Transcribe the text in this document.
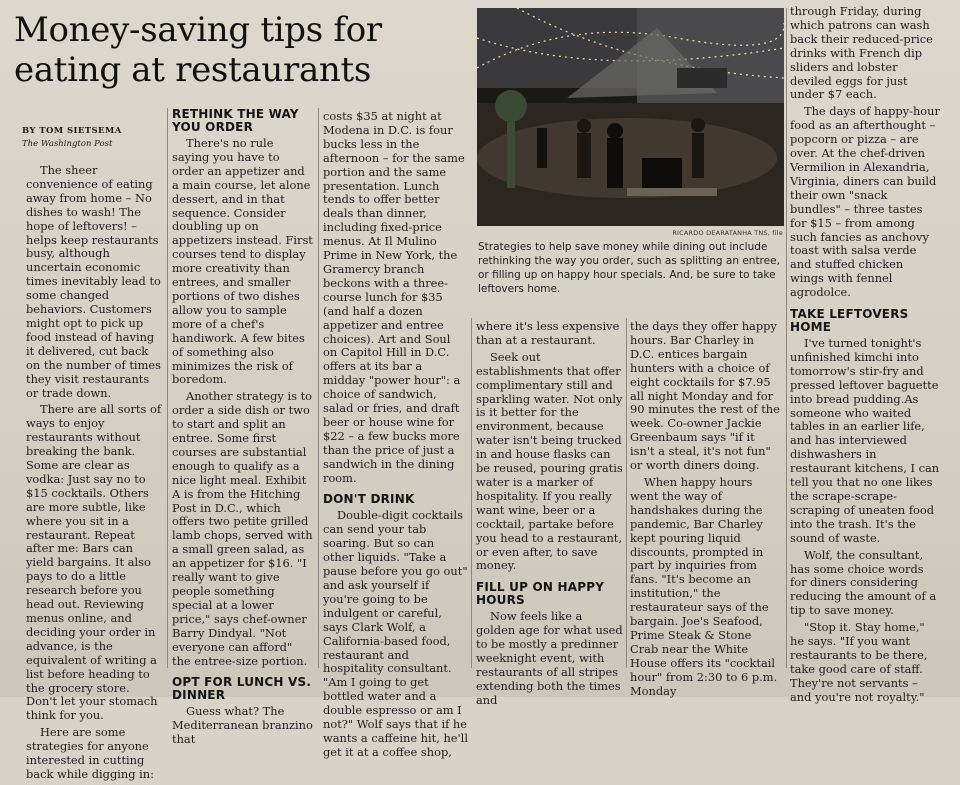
Money-saving tips for eating at restaurants
BY TOM SIETSEMA
The Washington Post

The sheer convenience of eating away from home – No dishes to wash! The hope of leftovers! – helps keep restaurants busy, although uncertain economic times inevitably lead to some changed behaviors. Customers might opt to pick up food instead of having it delivered, cut back on the number of times they visit restaurants or trade down.

There are all sorts of ways to enjoy restaurants without breaking the bank. Some are clear as vodka: Just say no to $15 cocktails. Others are more subtle, like where you sit in a restaurant. Repeat after me: Bars can yield bargains. It also pays to do a little research before you head out. Reviewing menus online, and deciding your order in advance, is the equivalent of writing a list before heading to the grocery store. Don't let your stomach think for you.

Here are some strategies for anyone interested in cutting back while digging in:

RETHINK THE WAY YOU ORDER

There's no rule saying you have to order an appetizer and a main course, let alone dessert, and in that sequence. Consider doubling up on appetizers instead. First courses tend to display more creativity than entrees, and smaller portions of two dishes allow you to sample more of a chef's handiwork. A few bites of something also minimizes the risk of boredom.

Another strategy is to order a side dish or two to start and split an entree. Some first courses are substantial enough to qualify as a nice light meal. Exhibit A is from the Hitching Post in D.C., which offers two petite grilled lamb chops, served with a small green salad, as an appetizer for $16. "I really want to give people something special at a lower price," says chef-owner Barry Dindyal. "Not everyone can afford" the entree-size portion.

OPT FOR LUNCH VS. DINNER

Guess what? The Mediterranean branzino that

costs $35 at night at Modena in D.C. is four bucks less in the afternoon – for the same portion and the same presentation. Lunch tends to offer better deals than dinner, including fixed-price menus. At Il Mulino Prime in New York, the Gramercy branch beckons with a three-course lunch for $35 (and half a dozen appetizer and entree choices). Art and Soul on Capitol Hill in D.C. offers at its bar a midday "power hour": a choice of sandwich, salad or fries, and draft beer or house wine for $22 – a few bucks more than the price of just a sandwich in the dining room.

DON'T DRINK

Double-digit cocktails can send your tab soaring. But so can other liquids. "Take a pause before you go out" and ask yourself if you're going to be indulgent or careful, says Clark Wolf, a California-based food, restaurant and hospitality consultant. "Am I going to get bottled water and a double espresso or am I not?" Wolf says that if he wants a caffeine hit, he'll get it at a coffee shop,

RICARDO DEARATANHA TNS, file
Strategies to help save money while dining out include rethinking the way you order, such as splitting an entree, or filling up on happy hour specials. And, be sure to take leftovers home.

where it's less expensive than at a restaurant.

Seek out establishments that offer complimentary still and sparkling water. Not only is it better for the environment, because water isn't being trucked in and house flasks can be reused, pouring gratis water is a marker of hospitality. If you really want wine, beer or a cocktail, partake before you head to a restaurant, or even after, to save money.

FILL UP ON HAPPY HOURS

Now feels like a golden age for what used to be mostly a predinner weeknight event, with restaurants of all stripes extending both the times and

the days they offer happy hours. Bar Charley in D.C. entices bargain hunters with a choice of eight cocktails for $7.95 all night Monday and for 90 minutes the rest of the week. Co-owner Jackie Greenbaum says "if it isn't a steal, it's not fun" or worth diners doing.

When happy hours went the way of handshakes during the pandemic, Bar Charley kept pouring liquid discounts, prompted in part by inquiries from fans. "It's become an institution," the restaurateur says of the bargain. Joe's Seafood, Prime Steak & Stone Crab near the White House offers its "cocktail hour" from 2:30 to 6 p.m. Monday

through Friday, during which patrons can wash back their reduced-price drinks with French dip sliders and lobster deviled eggs for just under $7 each.

The days of happy-hour food as an afterthought – popcorn or pizza – are over. At the chef-driven Vermilion in Alexandria, Virginia, diners can build their own "snack bundles" – three tastes for $15 – from among such fancies as anchovy toast with salsa verde and stuffed chicken wings with fennel agrodolce.

TAKE LEFTOVERS HOME

I've turned tonight's unfinished kimchi into tomorrow's stir-fry and pressed leftover baguette into bread pudding.As someone who waited tables in an earlier life, and has interviewed dishwashers in restaurant kitchens, I can tell you that no one likes the scrape-scrape-scraping of uneaten food into the trash. It's the sound of waste.

Wolf, the consultant, has some choice words for diners considering reducing the amount of a tip to save money.

"Stop it. Stay home," he says. "If you want restaurants to be there, take good care of staff. They're not servants – and you're not royalty."
